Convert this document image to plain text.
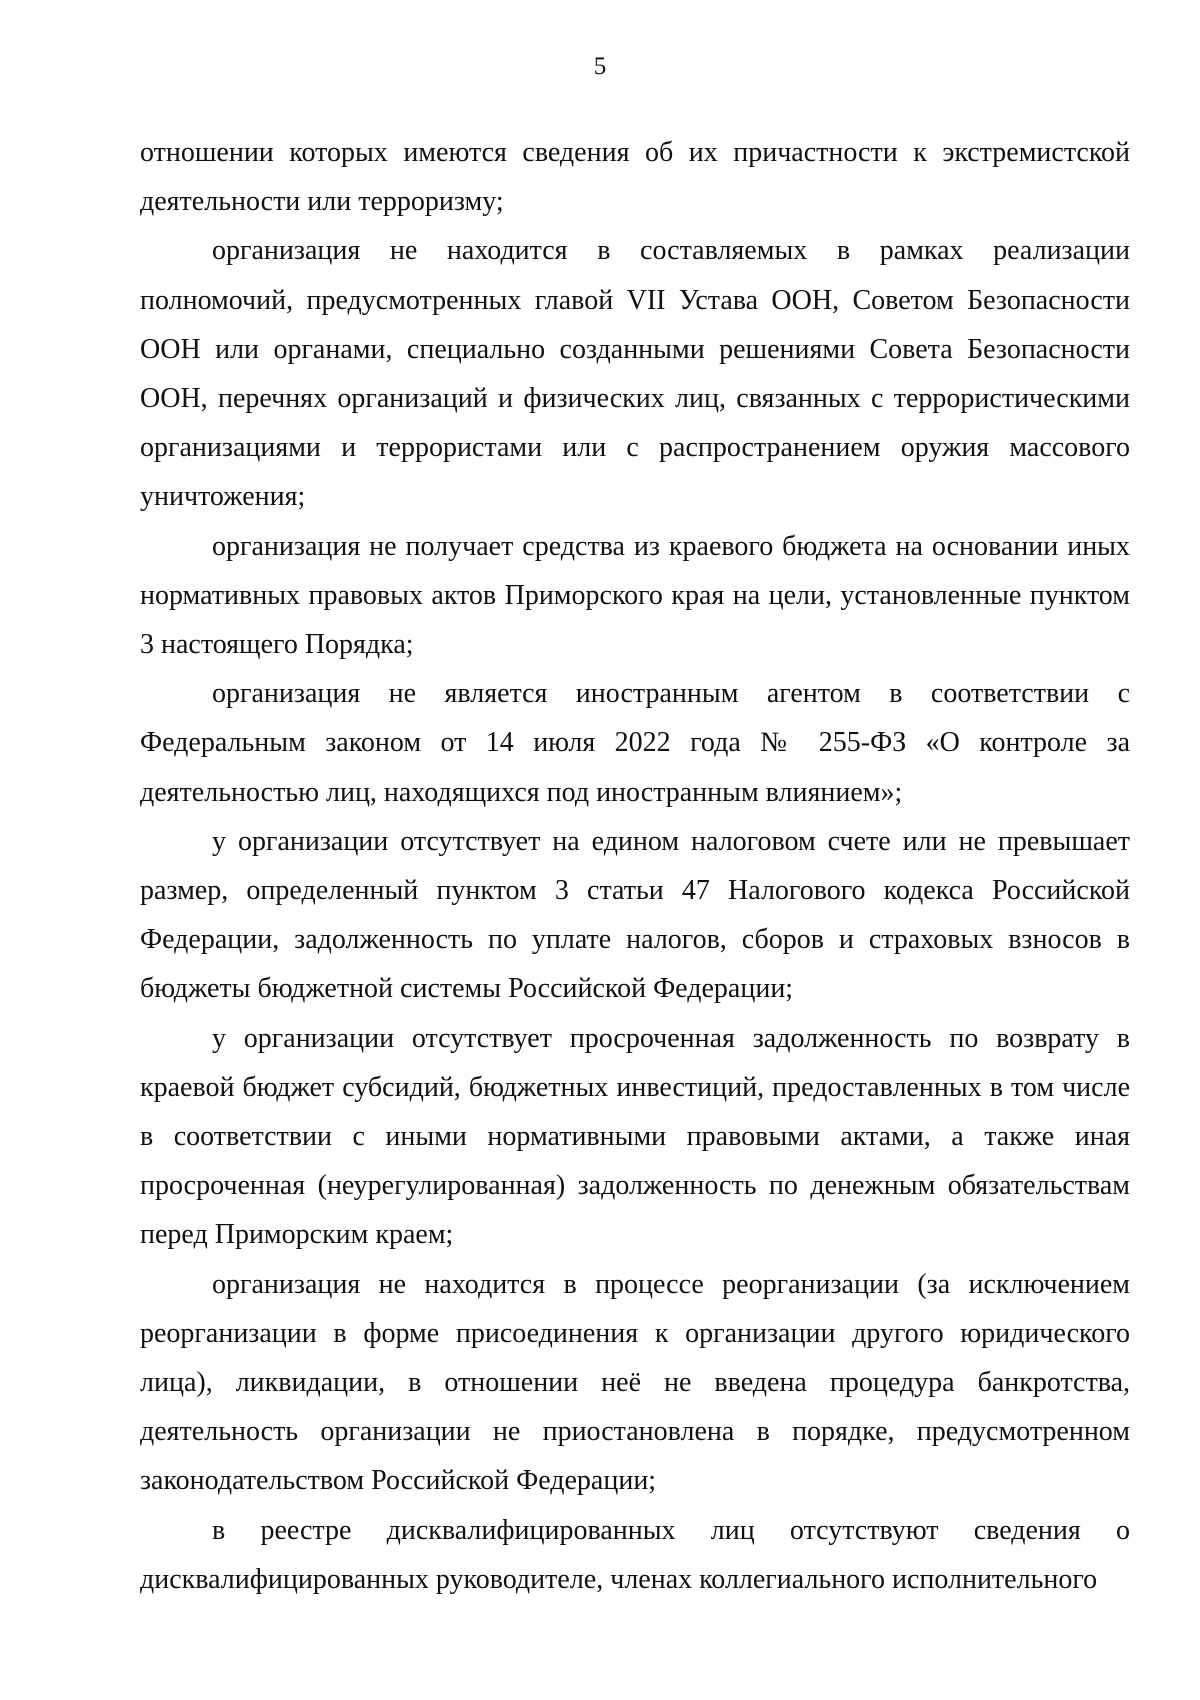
5

отношении которых имеются сведения об их причастности к экстремистской деятельности или терроризму;

организация не находится в составляемых в рамках реализации полномочий, предусмотренных главой VII Устава ООН, Советом Безопасности ООН или органами, специально созданными решениями Совета Безопасности ООН, перечнях организаций и физических лиц, связанных с террористическими организациями и террористами или с распространением оружия массового уничтожения;

организация не получает средства из краевого бюджета на основании иных нормативных правовых актов Приморского края на цели, установленные пунктом 3 настоящего Порядка;

организация не является иностранным агентом в соответствии с Федеральным законом от 14 июля 2022 года № 255-ФЗ «О контроле за деятельностью лиц, находящихся под иностранным влиянием»;

у организации отсутствует на едином налоговом счете или не превышает размер, определенный пунктом 3 статьи 47 Налогового кодекса Российской Федерации, задолженность по уплате налогов, сборов и страховых взносов в бюджеты бюджетной системы Российской Федерации;

у организации отсутствует просроченная задолженность по возврату в краевой бюджет субсидий, бюджетных инвестиций, предоставленных в том числе в соответствии с иными нормативными правовыми актами, а также иная просроченная (неурегулированная) задолженность по денежным обязательствам перед Приморским краем;

организация не находится в процессе реорганизации (за исключением реорганизации в форме присоединения к организации другого юридического лица), ликвидации, в отношении неё не введена процедура банкротства, деятельность организации не приостановлена в порядке, предусмотренном законодательством Российской Федерации;

в реестре дисквалифицированных лиц отсутствуют сведения о дисквалифицированных руководителе, членах коллегиального исполнительного
